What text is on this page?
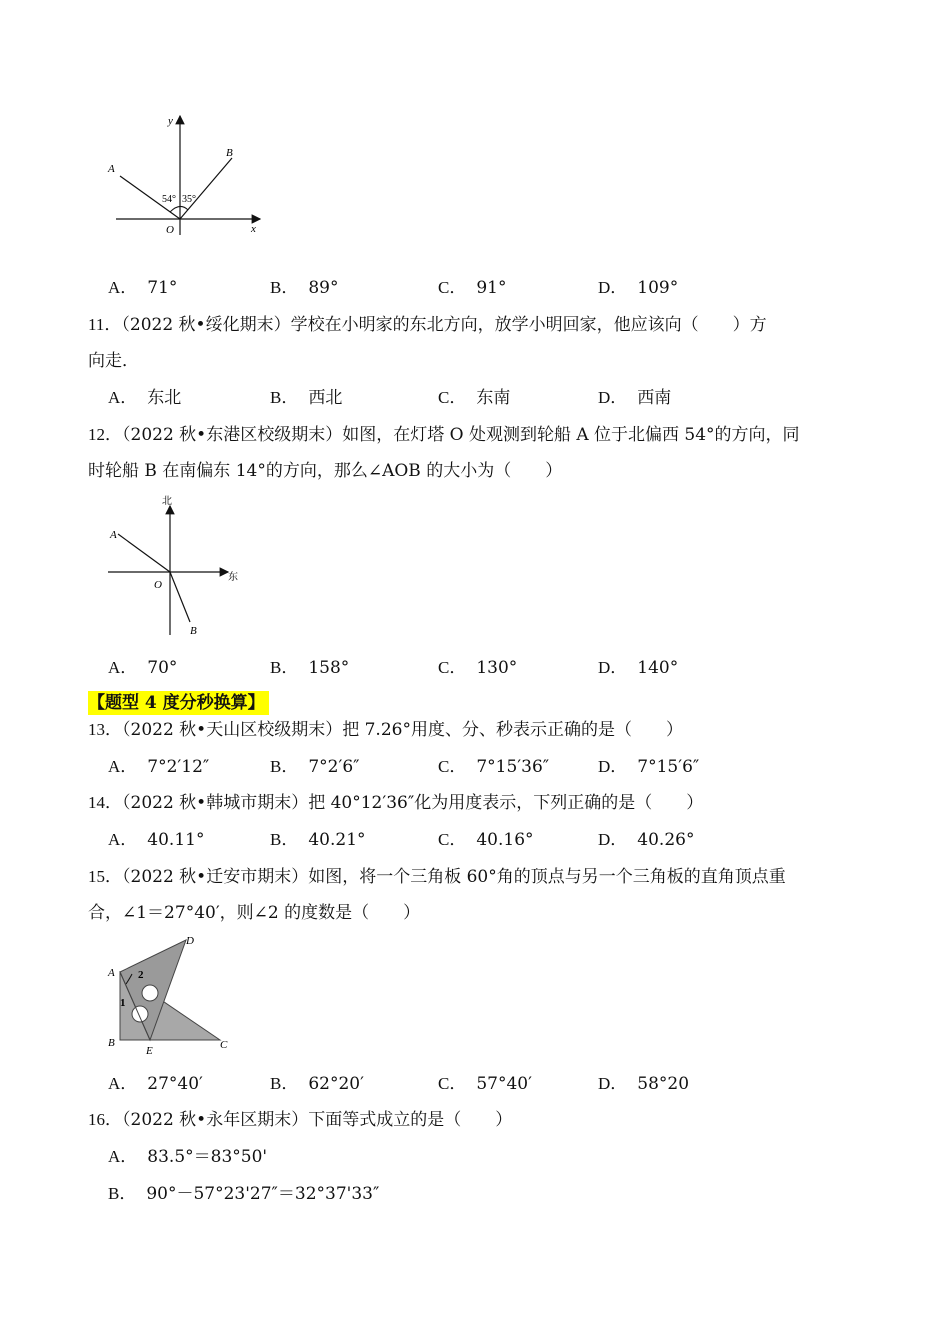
y
x
O
A
B
54° 35°
A． 71°	B． 89°	C． 91°	D． 109°
11．（2022 秋•绥化期末）学校在小明家的东北方向，放学小明回家，他应该向（　　）方
向走．
A． 东北	B． 西北	C． 东南	D． 西南
12．（2022 秋•东港区校级期末）如图，在灯塔 O 处观测到轮船 A 位于北偏西 54°的方向，同
时轮船 B 在南偏东 14°的方向，那么∠AOB 的大小为（　　）
北
东
O
A
B
A． 70°	B． 158°	C． 130°	D． 140°
【题型 4 度分秒换算】
13．（2022 秋•天山区校级期末）把 7.26°用度、分、秒表示正确的是（　　）
A． 7°2′12″	B． 7°2′6″	C． 7°15′36″	D． 7°15′6″
14．（2022 秋•韩城市期末）把 40°12′36″化为用度表示，下列正确的是（　　）
A． 40.11°	B． 40.21°	C． 40.16°	D． 40.26°
15．（2022 秋•迁安市期末）如图，将一个三角板 60°角的顶点与另一个三角板的直角顶点重
合，∠1＝27°40′，则∠2 的度数是（　　）
A
B	C
D
E
1
2
A． 27°40′	B． 62°20′	C． 57°40′	D． 58°20
16．（2022 秋•永年区期末）下面等式成立的是（　　）
A． 83.5°＝83°50'
B． 90°－57°23'27″＝32°37'33″
